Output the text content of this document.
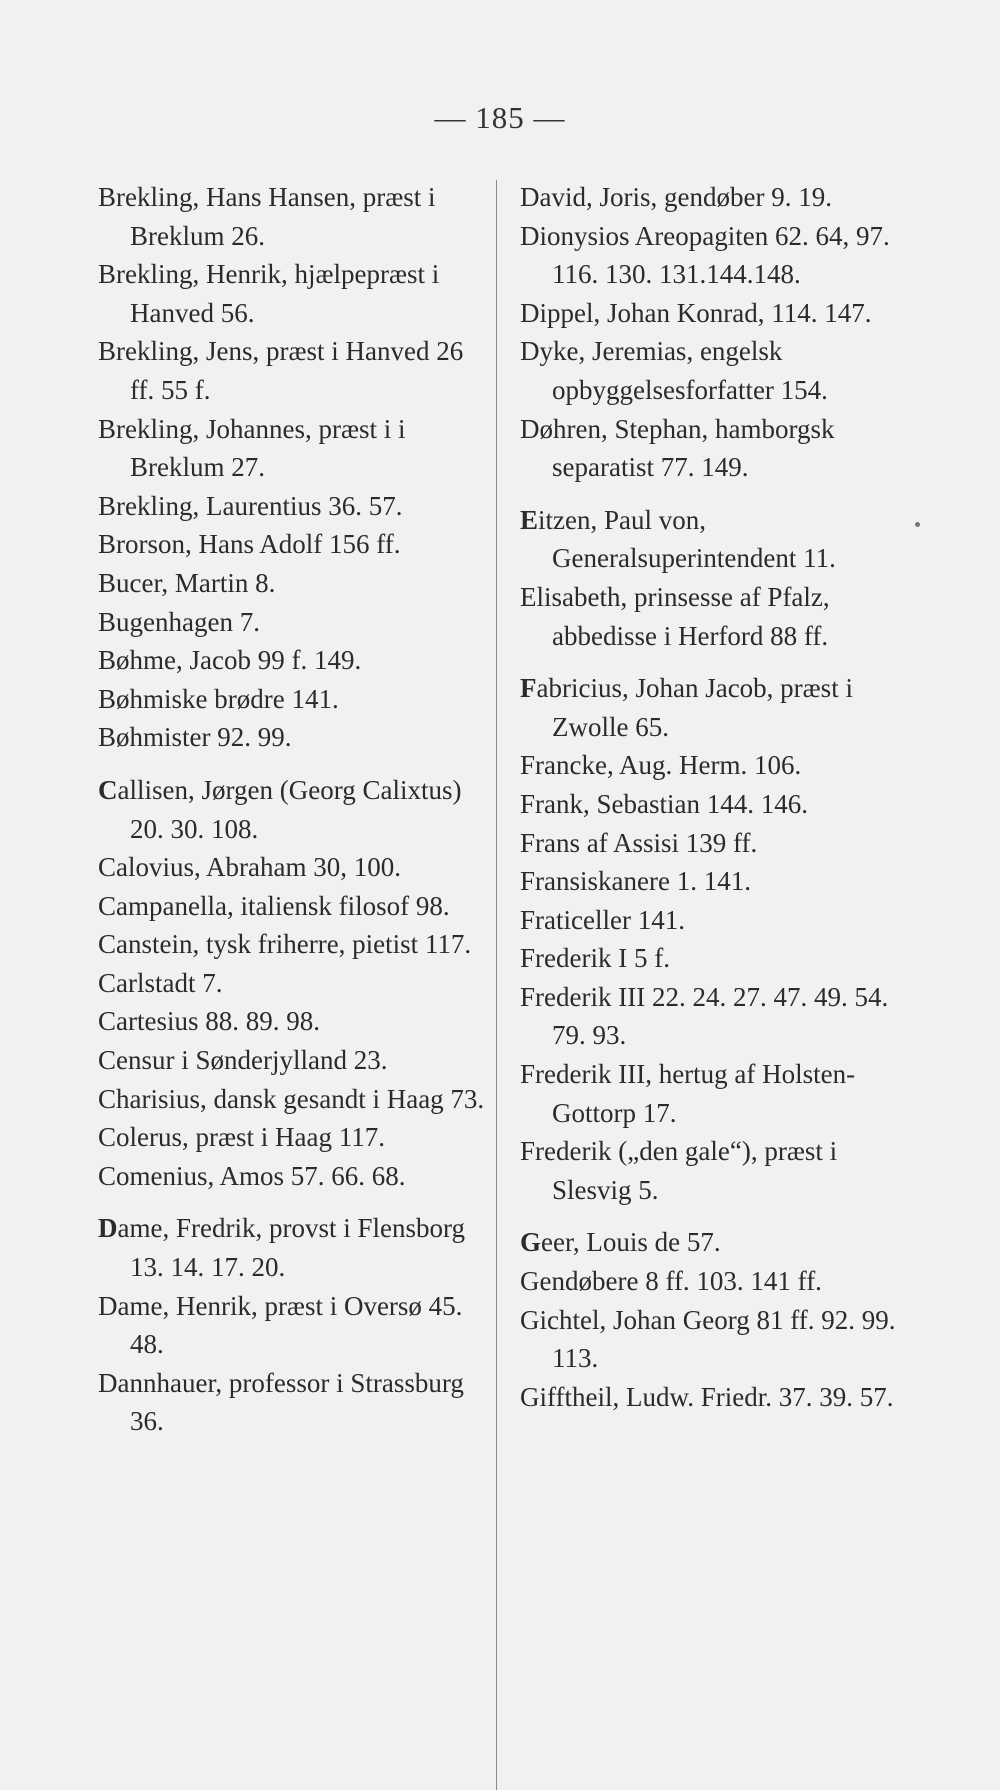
— 185 —

Brekling, Hans Hansen, præst i Breklum 26.

Brekling, Henrik, hjælpepræst i Hanved 56.

Brekling, Jens, præst i Hanved 26 ff. 55 f.

Brekling, Johannes, præst i i Breklum 27.

Brekling, Laurentius 36. 57.

Brorson, Hans Adolf 156 ff.

Bucer, Martin 8.

Bugenhagen 7.

Bøhme, Jacob 99 f. 149.

Bøhmiske brødre 141.

Bøhmister 92. 99.

Callisen, Jørgen (Georg Calixtus) 20. 30. 108.

Calovius, Abraham 30, 100.

Campanella, italiensk filosof 98.

Canstein, tysk friherre, pietist 117.

Carlstadt 7.

Cartesius 88. 89. 98.

Censur i Sønderjylland 23.

Charisius, dansk gesandt i Haag 73.

Colerus, præst i Haag 117.

Comenius, Amos 57. 66. 68.

Dame, Fredrik, provst i Flensborg 13. 14. 17. 20.

Dame, Henrik, præst i Oversø 45. 48.

Dannhauer, professor i Strassburg 36.

David, Joris, gendøber 9. 19.

Dionysios Areopagiten 62. 64, 97. 116. 130. 131.144.148.

Dippel, Johan Konrad, 114. 147.

Dyke, Jeremias, engelsk opbyggelsesforfatter 154.

Døhren, Stephan, hamborgsk separatist 77. 149.

Eitzen, Paul von, Generalsuperintendent 11.

Elisabeth, prinsesse af Pfalz, abbedisse i Herford 88 ff.

Fabricius, Johan Jacob, præst i Zwolle 65.

Francke, Aug. Herm. 106.

Frank, Sebastian 144. 146.

Frans af Assisi 139 ff.

Fransiskanere 1. 141.

Fraticeller 141.

Frederik I 5 f.

Frederik III 22. 24. 27. 47. 49. 54. 79. 93.

Frederik III, hertug af Holsten-Gottorp 17.

Frederik („den gale“), præst i Slesvig 5.

Geer, Louis de 57.

Gendøbere 8 ff. 103. 141 ff.

Gichtel, Johan Georg 81 ff. 92. 99. 113.

Gifftheil, Ludw. Friedr. 37. 39. 57.
